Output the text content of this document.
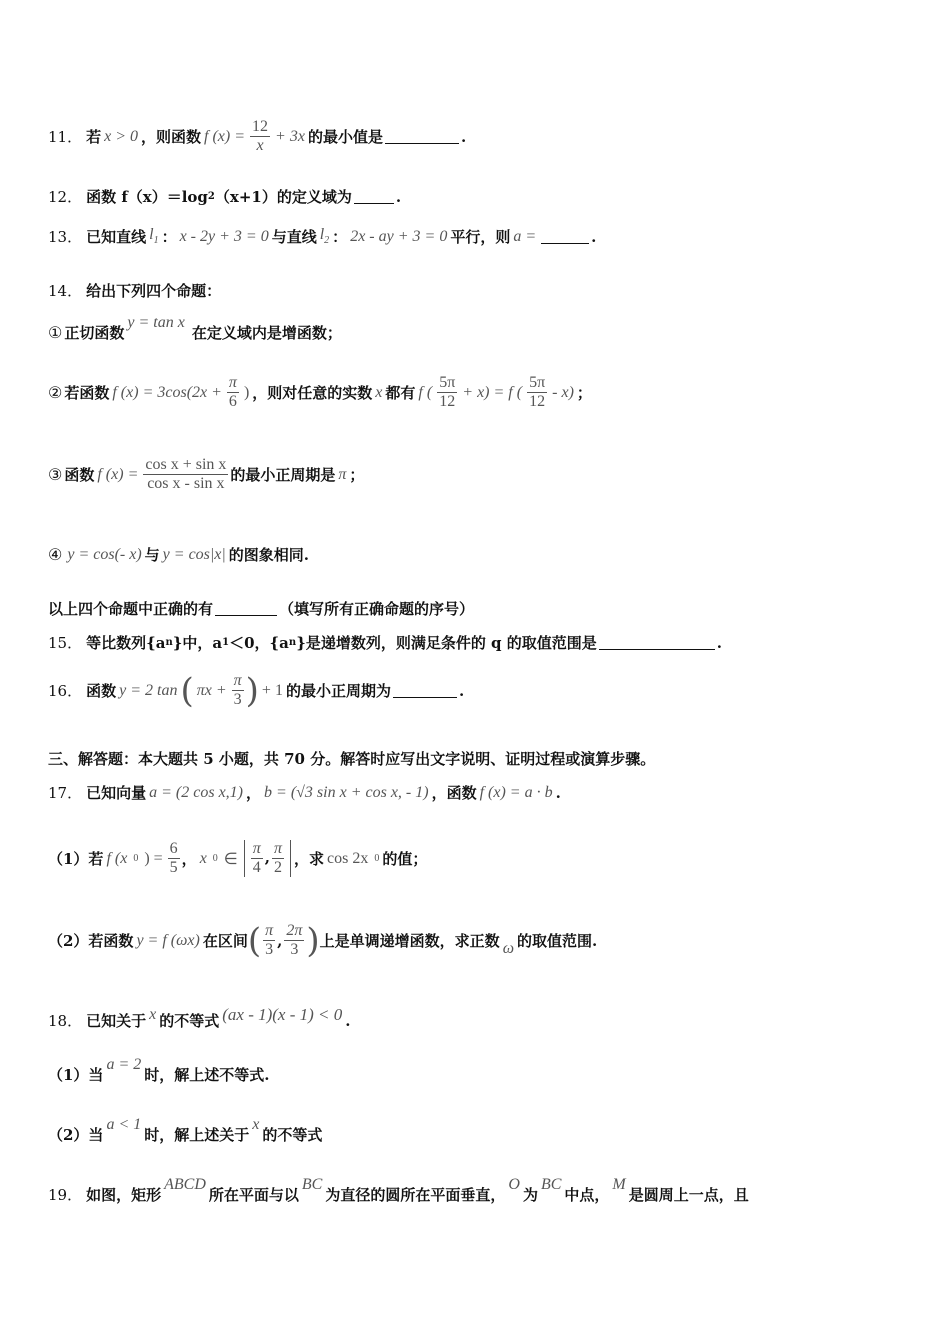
11． 若 x > 0 ，则函数 f $(x) = \frac{12}{x} + 3x$ 的最小值是	.
12． 函数 f（x）＝log 2 （x+1）的定义域为	.
13． 已知直线 $l_1$ ： x - 2y + 3 = 0 与直线 $l_2$ ： 2x - ay + 3 = 0 平行，则 a =	.
14． 给出下列四个命题：
① 正切函数
y = tan x
在定义域内是增函数；
② 若函数 f $(x) = 3\cos(2x + \frac{\pi}{6}$ ) ，则对任意的实数 x 都有 f ( $\frac{5\pi}{12} + x) = f$ ( $\frac{5\pi}{12} - x$) ；
③ 函数 f $(x) = \frac{\text{cos x + sin x}}{\text{cos x - sin x}}$ 的最小正周期是 π ；
④ y = cos(- x) 与 y = cos|x| 的图象相同.
以上四个命题中正确的有	（填写所有正确命题的序号）
15． 等比数列{a n }中，a 1 ＜0，{a n }是递增数列，则满足条件的 q 的取值范围是	.
16． 函数 y = 2 tan ( $\pi x + \frac{\pi}{3}$ ) + 1 的最小正周期为	.
三、解答题：本大题共 5 小题，共 70 分。解答时应写出文字说明、证明过程或演算步骤。
17． 已知向量 a = (2 cos x,1) ， b = (√3 sin x + cos x, - 1) ，函数 f (x) = a · b .
（1）若 f (x 0 ) = $\frac{6}{5}$ ， x 0 ∈ $\frac{\pi}{4}$ , $\frac{\pi}{2}$ ，求 cos 2x 0 的值；
（2）若函数 y = f (ωx) 在区间 ( $\frac{\pi}{3}$ , $\frac{2\pi}{3}$ ) 上是单调递增函数，求正数 ω 的取值范围.
18． 已知关于 x 的不等式 (ax - 1)(x - 1) < 0 .
（1）当
a = 2
时，解上述不等式.
（2）当
a < 1
时，解上述关于
x
的不等式
19． 如图，矩形
ABCD
所在平面与以
BC
为直径的圆所在平面垂直，
O
为
BC
中点，
M
是圆周上一点，且
